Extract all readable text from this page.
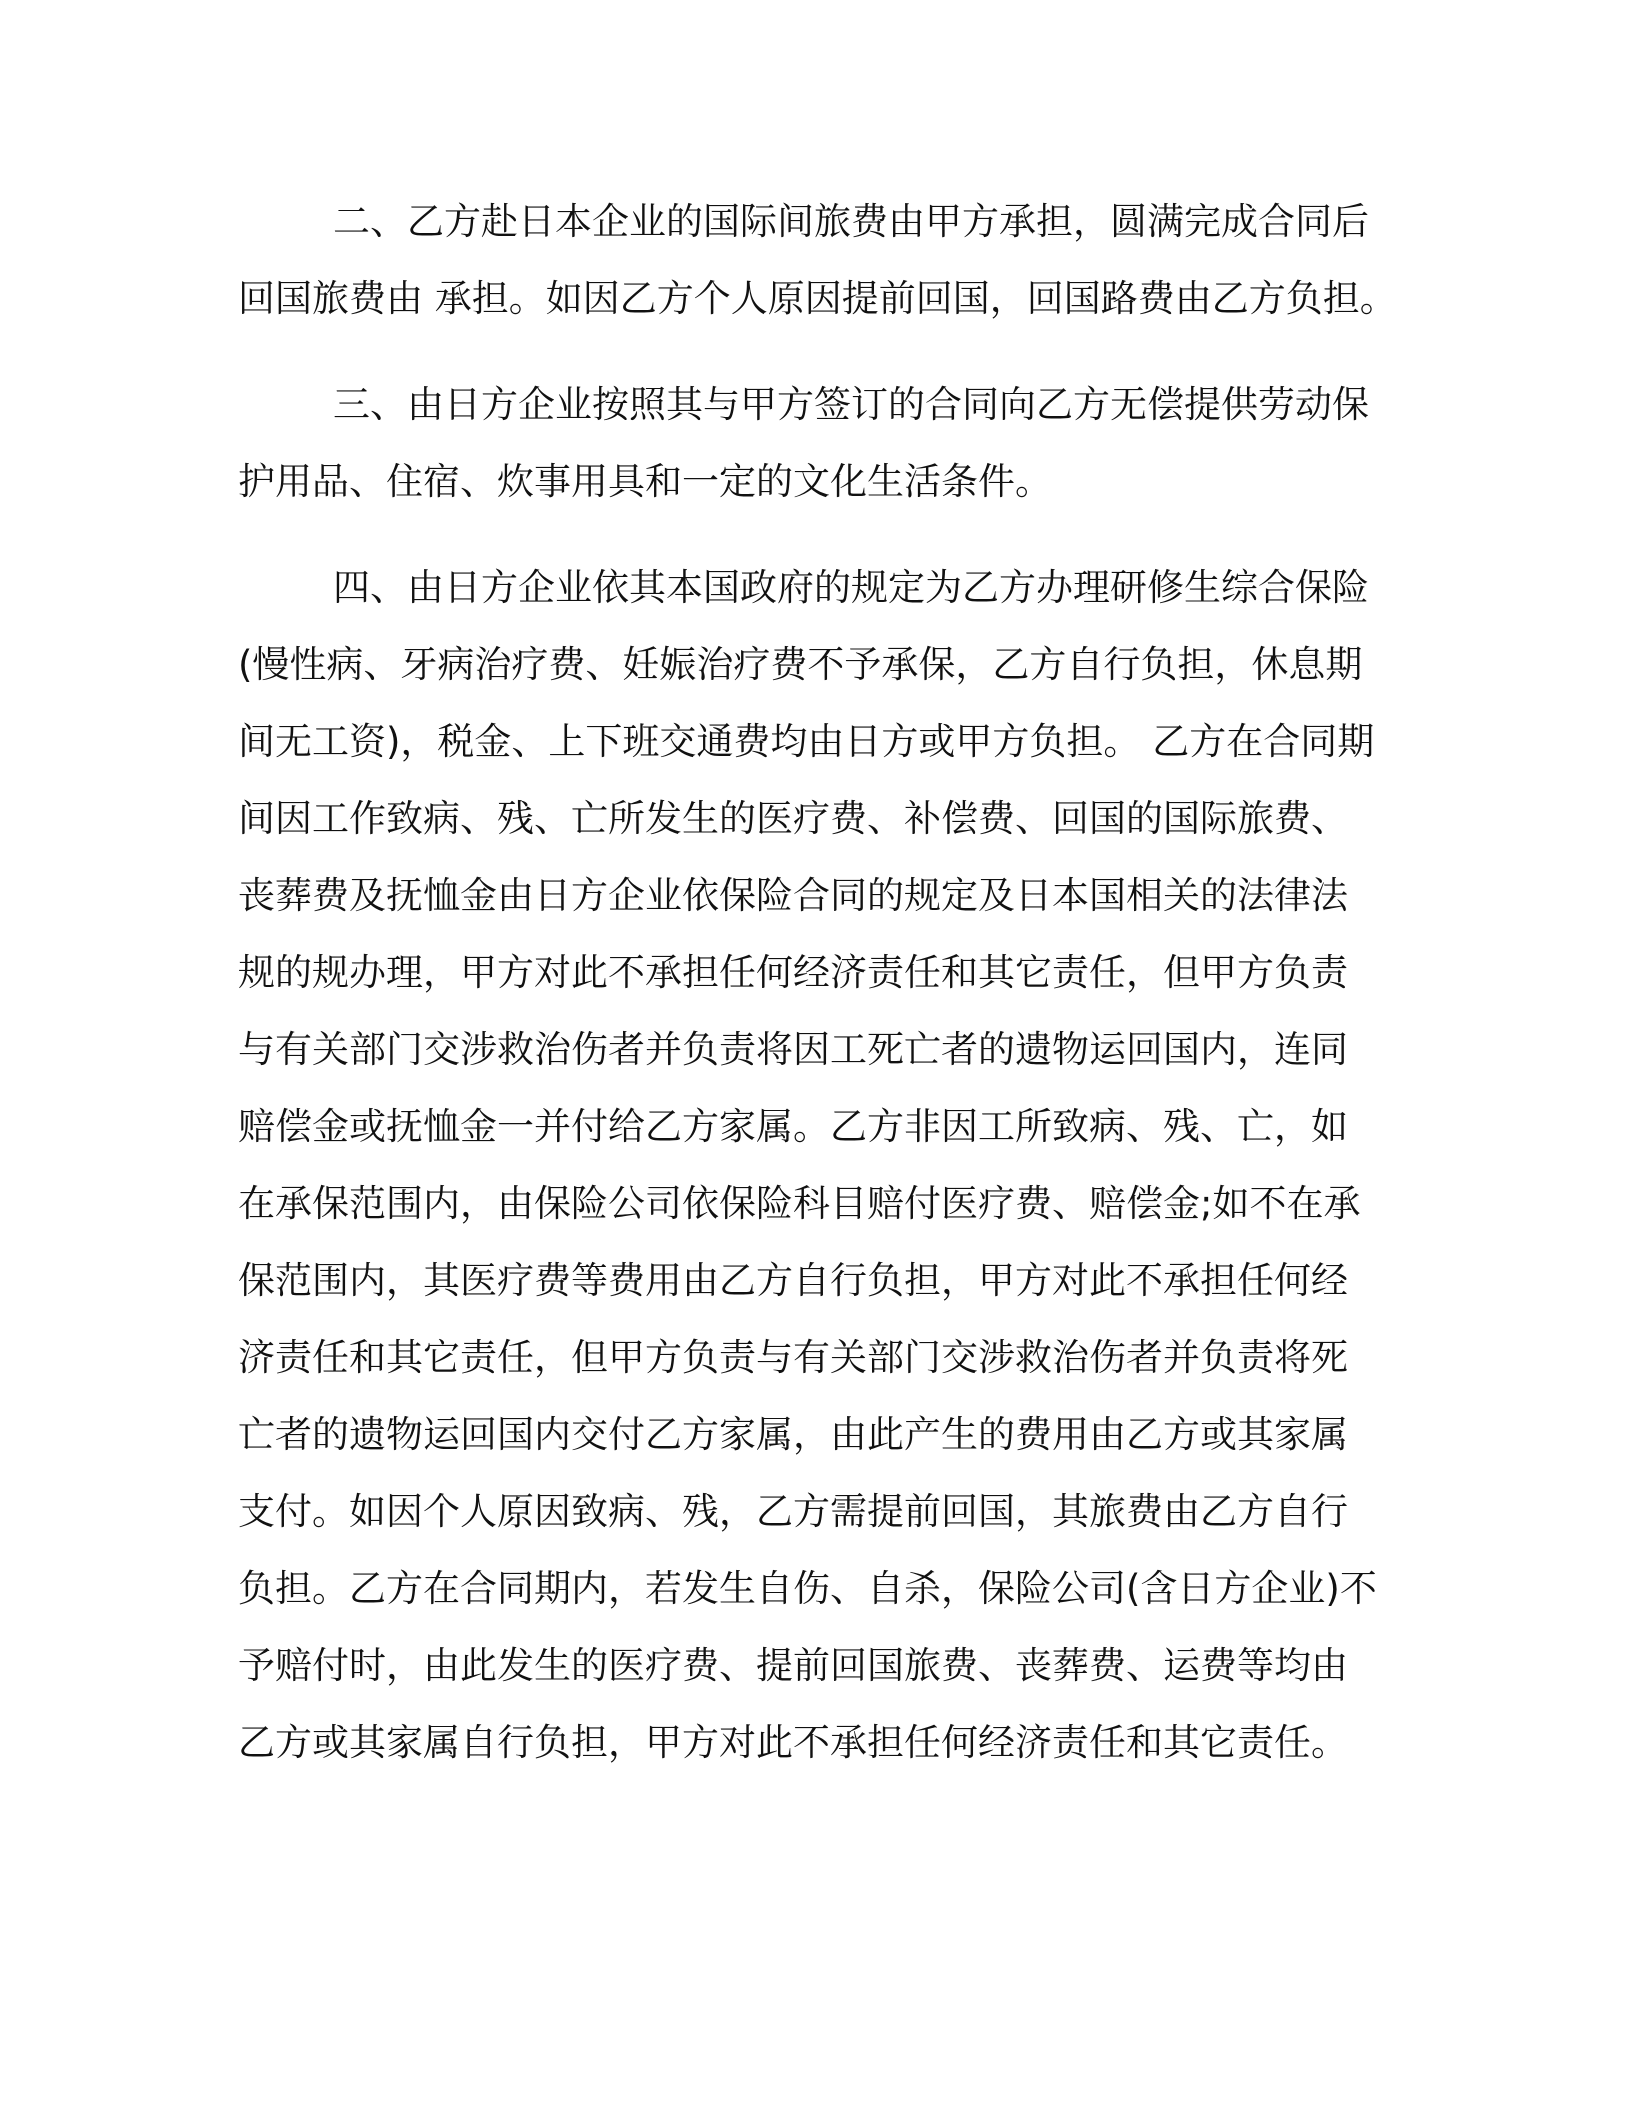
二、乙方赴日本企业的国际间旅费由甲方承担，圆满完成合同后
回国旅费由 承担。如因乙方个人原因提前回国，回国路费由乙方负担。
三、由日方企业按照其与甲方签订的合同向乙方无偿提供劳动保
护用品、住宿、炊事用具和一定的文化生活条件。
四、由日方企业依其本国政府的规定为乙方办理研修生综合保险
(慢性病、牙病治疗费、妊娠治疗费不予承保，乙方自行负担，休息期
间无工资)，税金、上下班交通费均由日方或甲方负担。 乙方在合同期
间因工作致病、残、亡所发生的医疗费、补偿费、回国的国际旅费、
丧葬费及抚恤金由日方企业依保险合同的规定及日本国相关的法律法
规的规办理，甲方对此不承担任何经济责任和其它责任，但甲方负责
与有关部门交涉救治伤者并负责将因工死亡者的遗物运回国内，连同
赔偿金或抚恤金一并付给乙方家属。乙方非因工所致病、残、亡，如
在承保范围内，由保险公司依保险科目赔付医疗费、赔偿金;如不在承
保范围内，其医疗费等费用由乙方自行负担，甲方对此不承担任何经
济责任和其它责任，但甲方负责与有关部门交涉救治伤者并负责将死
亡者的遗物运回国内交付乙方家属，由此产生的费用由乙方或其家属
支付。如因个人原因致病、残，乙方需提前回国，其旅费由乙方自行
负担。乙方在合同期内，若发生自伤、自杀，保险公司(含日方企业)不
予赔付时，由此发生的医疗费、提前回国旅费、丧葬费、运费等均由
乙方或其家属自行负担，甲方对此不承担任何经济责任和其它责任。
